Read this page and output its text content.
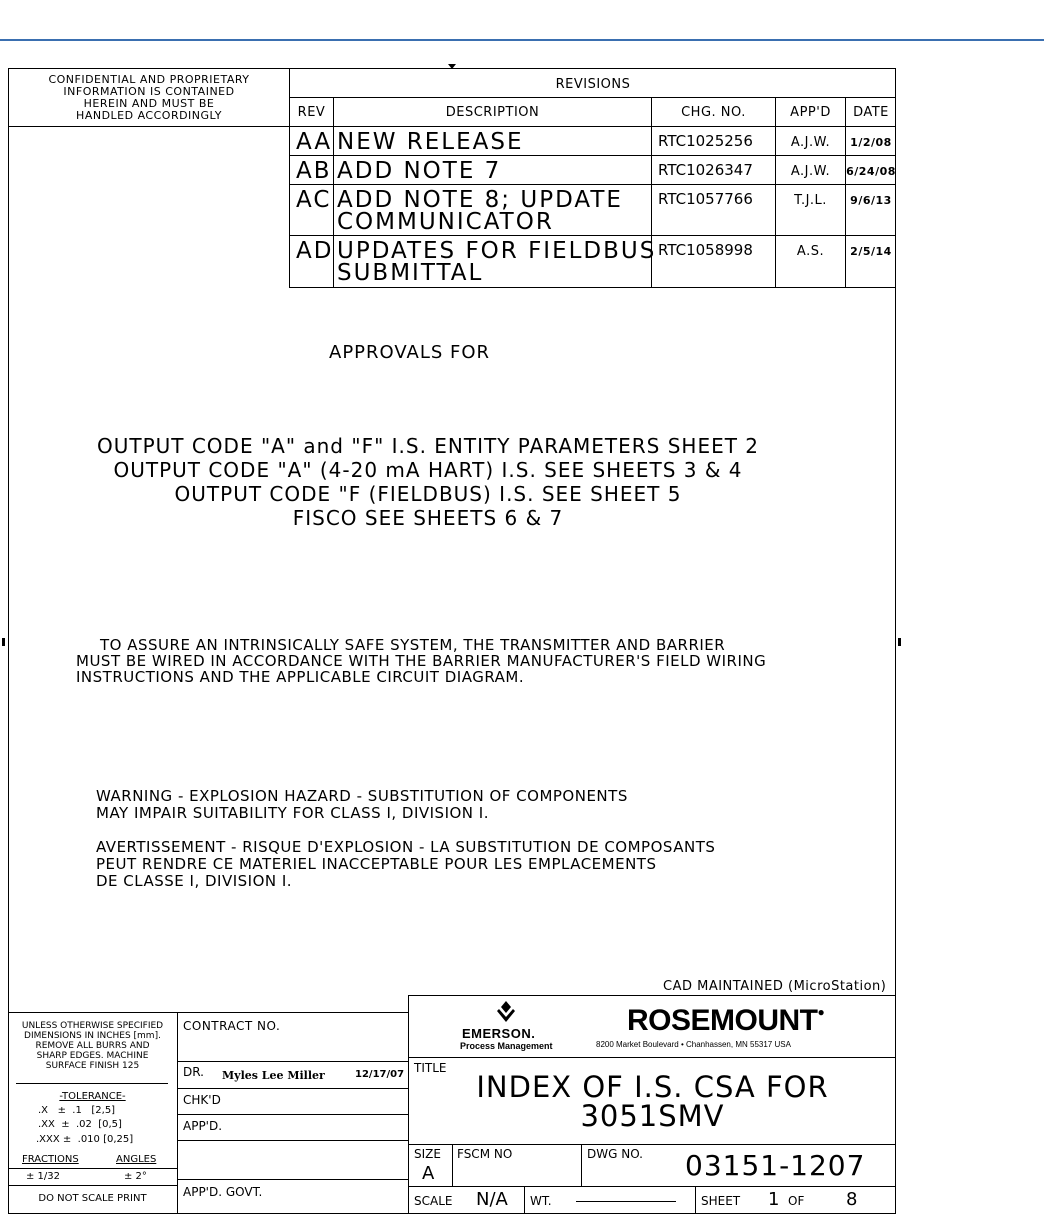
CONFIDENTIAL AND PROPRIETARY
INFORMATION IS CONTAINED
HEREIN AND MUST BE
HANDLED ACCORDINGLY
REVISIONS
REV	DESCRIPTION	CHG. NO.	APP'D	DATE
AA NEW RELEASE	RTC1025256	A.J.W.	1/2/08
AB ADD NOTE 7	RTC1026347	A.J.W.	6/24/08
AC ADD NOTE 8; UPDATE
COMMUNICATOR
RTC1057766	T.J.L.	9/6/13
AD UPDATES FOR FIELDBUS
SUBMITTAL
RTC1058998	A.S.	2/5/14
APPROVALS FOR
OUTPUT CODE "A" and "F" I.S. ENTITY PARAMETERS SHEET 2
OUTPUT CODE "A" (4-20 mA HART) I.S. SEE SHEETS 3 & 4
OUTPUT CODE "F (FIELDBUS) I.S. SEE SHEET 5
FISCO SEE SHEETS 6 & 7
TO ASSURE AN INTRINSICALLY SAFE SYSTEM, THE TRANSMITTER AND BARRIER
MUST BE WIRED IN ACCORDANCE WITH THE BARRIER MANUFACTURER'S FIELD WIRING
INSTRUCTIONS AND THE APPLICABLE CIRCUIT DIAGRAM.
WARNING - EXPLOSION HAZARD - SUBSTITUTION OF COMPONENTS
MAY IMPAIR SUITABILITY FOR CLASS I, DIVISION I.
AVERTISSEMENT - RISQUE D'EXPLOSION - LA SUBSTITUTION DE COMPOSANTS
PEUT RENDRE CE MATERIEL INACCEPTABLE POUR LES EMPLACEMENTS
DE CLASSE I, DIVISION I.
CAD MAINTAINED (MicroStation)
UNLESS OTHERWISE SPECIFIED
DIMENSIONS IN INCHES [mm].
REMOVE ALL BURRS AND
SHARP EDGES. MACHINE
SURFACE FINISH 125
-TOLERANCE-
.X   ±  .1   [2,5]
.XX  ±  .02  [0,5]
.XXX ±  .010 [0,25]
FRACTIONS	ANGLES
± 1/32	± 2°
DO NOT SCALE PRINT
CONTRACT NO.
DR. Myles Lee Miller	12/17/07
CHK'D
APP'D.
APP'D. GOVT.
EMERSON.
Process Management
ROSEMOUNT●
8200 Market Boulevard • Chanhassen, MN 55317 USA
TITLE
INDEX OF I.S. CSA FOR
3051SMV
SIZE
A
FSCM NO	DWG NO. 03151-1207
SCALE N/A WT.	SHEET 1 OF 8
